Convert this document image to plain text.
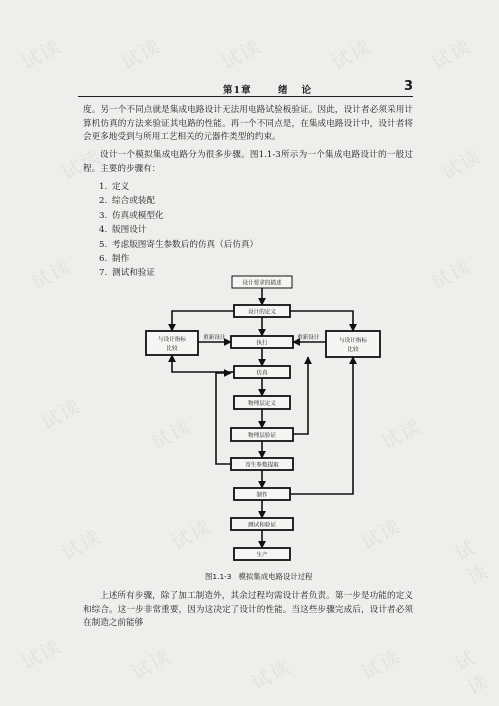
试读	试读	试读	试读	试读
试读	试读
试读	试读
试读
试读	试读
试读	试读	试读 试读
试读	试读	试读	试读 试读
第1章	绪论	3

度。另一个不同点就是集成电路设计无法用电路试验板验证。因此，设计者必须采用计算机仿真的方法来验证其电路的性能。再一个不同点是，在集成电路设计中，设计者将会更多地受到与所用工艺相关的元器件类型的约束。

设计一个模拟集成电路分为很多步骤。图1.1-3所示为一个集成电路设计的一般过程。主要的步骤有：

1. 定义
2. 综合或装配
3. 仿真或模型化
4. 版图设计
5. 考虑版图寄生参数后的仿真（后仿真）
6. 制作
7. 测试和验证
设计要求的描述
设计的定义
执行
仿真
物理层定义
物理层验证
寄生参数提取
制作
测试和验证
生产
与设计指标
比较
与设计指标
比较
重新设计	重新设计
图1.1-3 模拟集成电路设计过程

上述所有步骤，除了加工制造外，其余过程均需设计者负责。第一步是功能的定义和综合。这一步非常重要，因为这决定了设计的性能。当这些步骤完成后，设计者必须在制造之前能够
